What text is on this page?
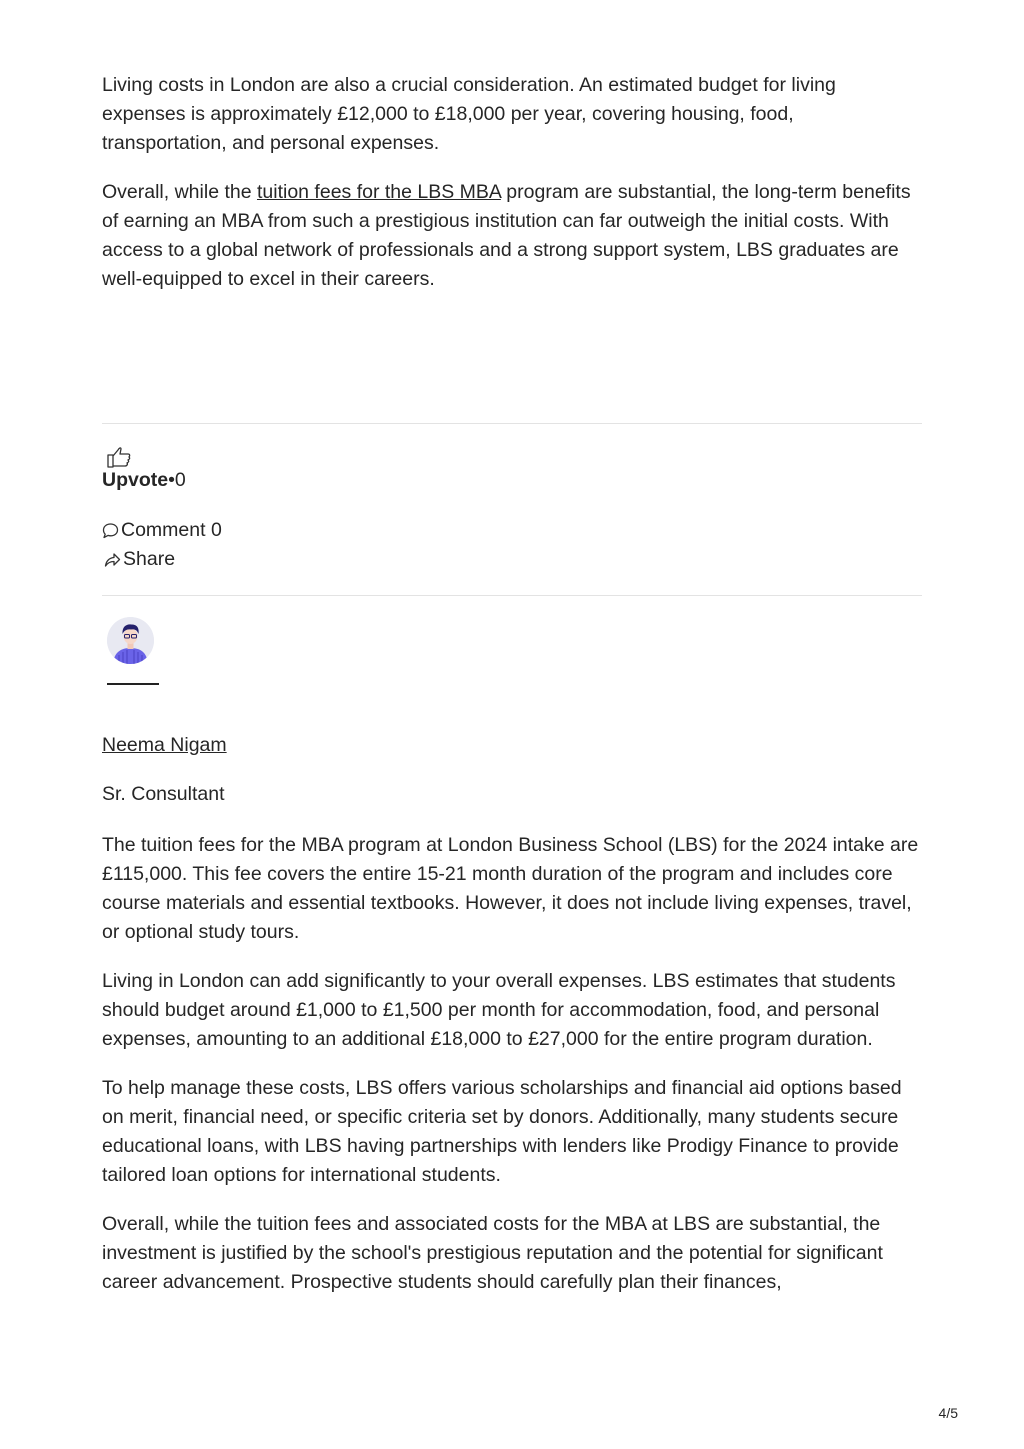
Living costs in London are also a crucial consideration. An estimated budget for living expenses is approximately £12,000 to £18,000 per year, covering housing, food, transportation, and personal expenses.

Overall, while the tuition fees for the LBS MBA program are substantial, the long-term benefits of earning an MBA from such a prestigious institution can far outweigh the initial costs. With access to a global network of professionals and a strong support system, LBS graduates are well-equipped to excel in their careers.

Upvote•0
Comment 0
Share
Neema Nigam
Sr. Consultant

The tuition fees for the MBA program at London Business School (LBS) for the 2024 intake are £115,000. This fee covers the entire 15-21 month duration of the program and includes core course materials and essential textbooks. However, it does not include living expenses, travel, or optional study tours.

Living in London can add significantly to your overall expenses. LBS estimates that students should budget around £1,000 to £1,500 per month for accommodation, food, and personal expenses, amounting to an additional £18,000 to £27,000 for the entire program duration.

To help manage these costs, LBS offers various scholarships and financial aid options based on merit, financial need, or specific criteria set by donors. Additionally, many students secure educational loans, with LBS having partnerships with lenders like Prodigy Finance to provide tailored loan options for international students.

Overall, while the tuition fees and associated costs for the MBA at LBS are substantial, the investment is justified by the school's prestigious reputation and the potential for significant career advancement. Prospective students should carefully plan their finances,

4/5
